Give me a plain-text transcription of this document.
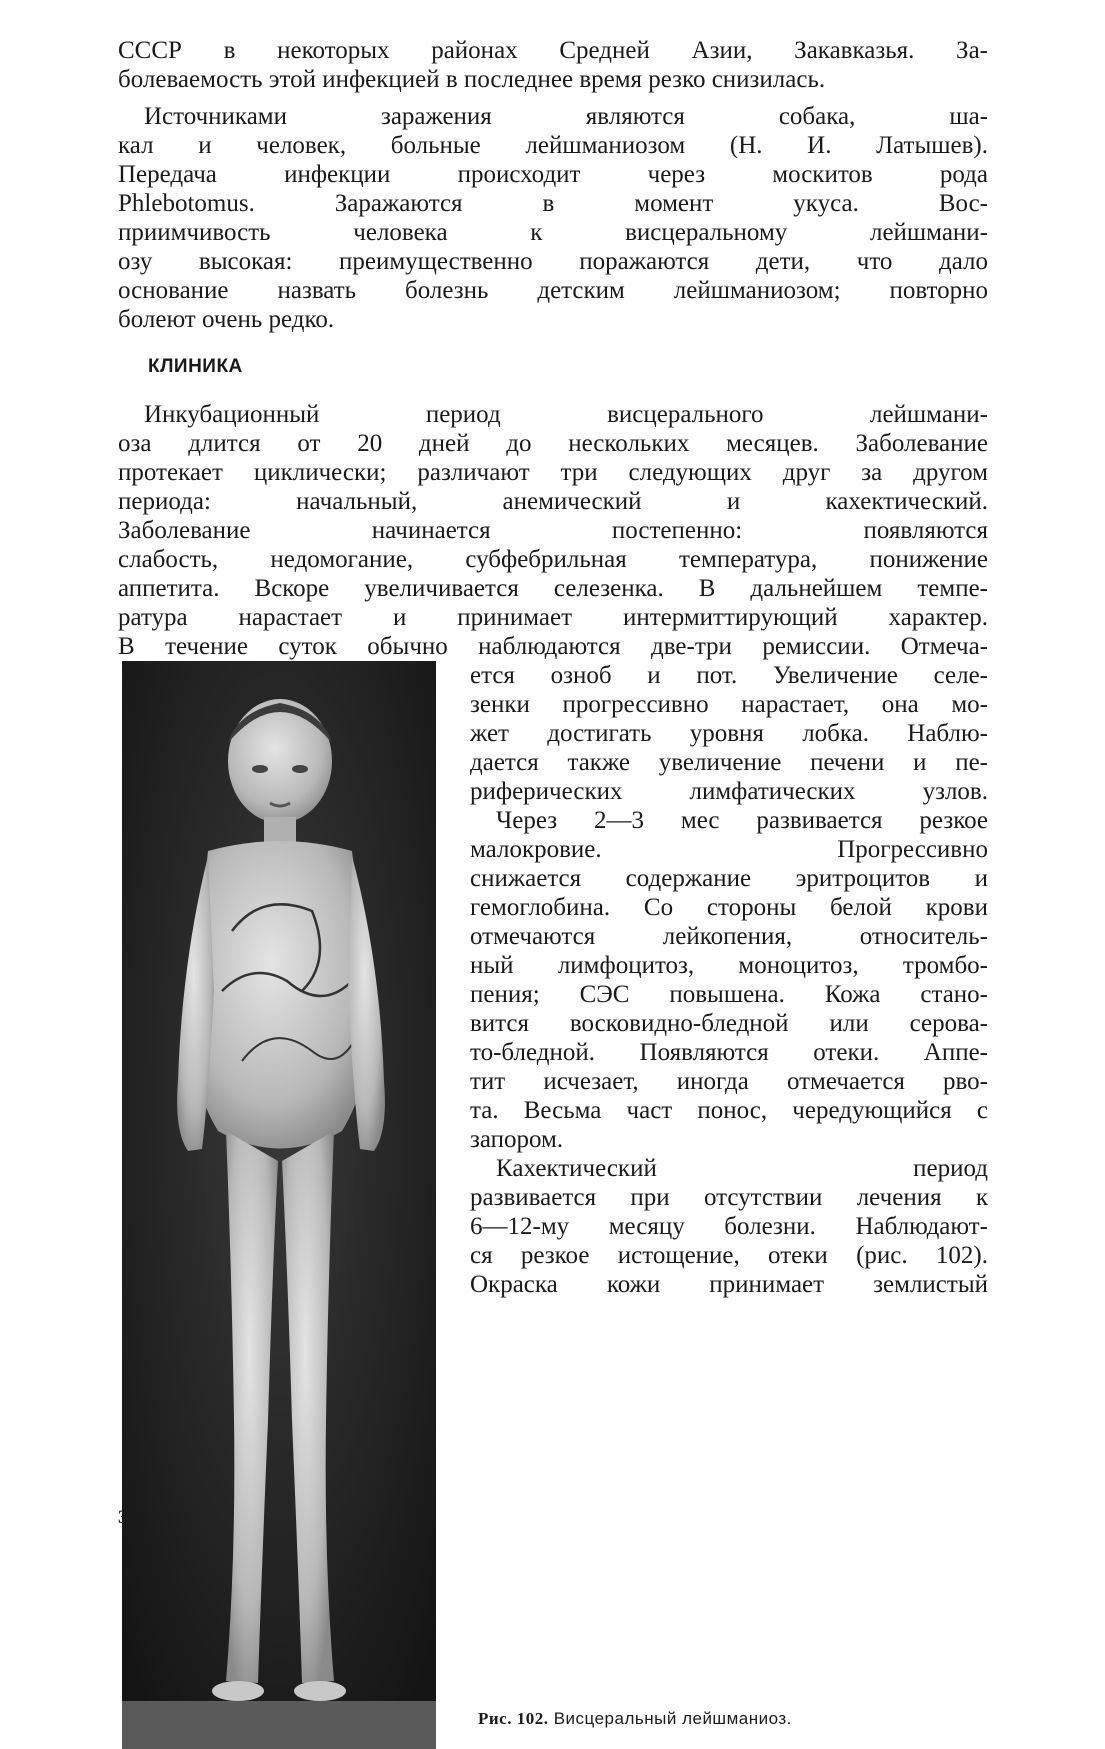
СССР в некоторых районах Средней Азии, Закавказья. За-
болеваемость этой инфекцией в последнее время резко снизилась.
Источниками заражения являются собака, ша-
кал и человек, больные лейшманиозом (Н. И. Латышев).
Передача инфекции происходит через москитов рода
Phlebotomus. Заражаются в момент укуса. Вос-
приимчивость человека к висцеральному лейшмани-
озу высокая: преимущественно поражаются дети, что дало
основание назвать болезнь детским лейшманиозом; повторно
болеют очень редко.
КЛИНИКА
Инкубационный период висцерального лейшмани-
оза длится от 20 дней до нескольких месяцев. Заболевание
протекает циклически; различают три следующих друг за другом
периода: начальный, анемический и кахектический.
Заболевание начинается постепенно: появляются
слабость, недомогание, субфебрильная температура, понижение
аппетита. Вскоре увеличивается селезенка. В дальнейшем темпе-
ратура нарастает и принимает интермиттирующий характер.
В течение суток обычно наблюдаются две-три ремиссии. Отмеча-
ется озноб и пот. Увеличение селе-
зенки прогрессивно нарастает, она мо-
жет достигать уровня лобка. Наблю-
дается также увеличение печени и пе-
риферических лимфатических узлов.
Через 2—3 мес развивается резкое
малокровие. Прогрессивно
снижается содержание эритроцитов и
гемоглобина. Со стороны белой крови
отмечаются лейкопения, относитель-
ный лимфоцитоз, моноцитоз, тромбо-
пения; СЭС повышена. Кожа стано-
вится восковидно-бледной или серова-
то-бледной. Появляются отеки. Аппе-
тит исчезает, иногда отмечается рво-
та. Весьма част понос, чередующийся с
запором.
Кахектический период
развивается при отсутствии лечения к
6—12-му месяцу болезни. Наблюдают-
ся резкое истощение, отеки (рис. 102).
Окраска кожи принимает землистый
Рис. 102. Висцеральный лейшманиоз.
386
